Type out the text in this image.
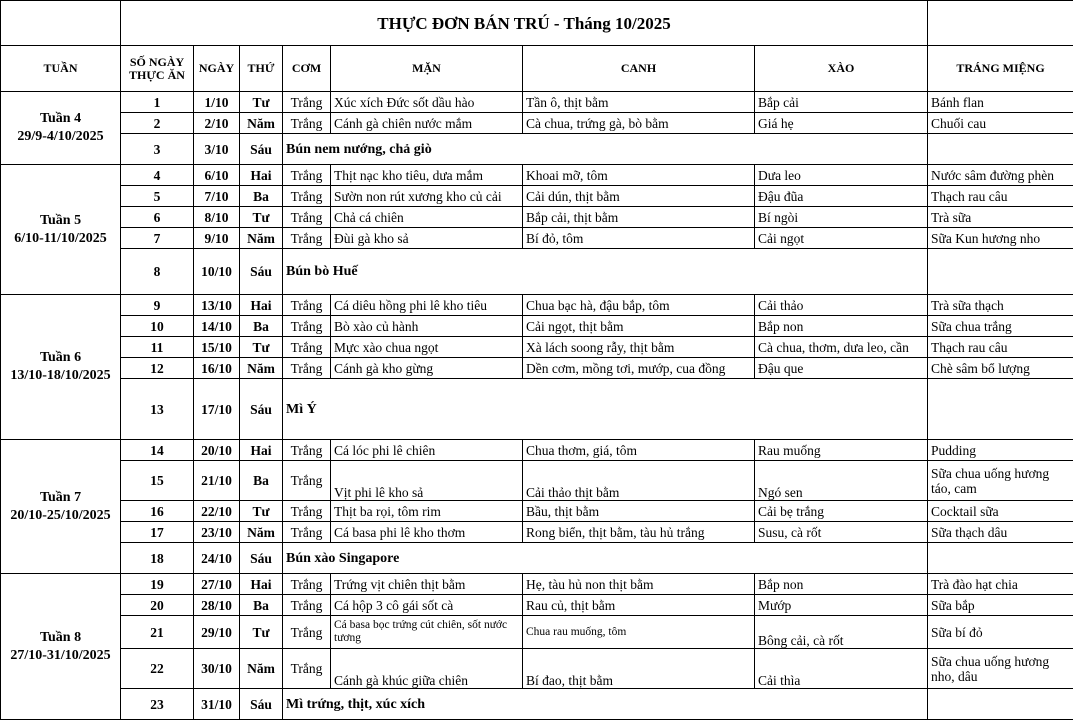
	THỰC ĐƠN BÁN TRÚ - Tháng 10/2025								
TUẦN	SỐ NGÀY THỰC ĂN	NGÀY	THỨ	CƠM	MẶN	CANH	XÀO	TRÁNG MIỆNG	

Tuần 4
29/9-4/10/2025	1	1/10	Tư	Trắng	Xúc xích Đức sốt dầu hào	Tần ô, thịt bằm	Bắp cải	Bánh flan	
	2	2/10	Năm	Trắng	Cánh gà chiên nước mắm	Cà chua, trứng gà, bò bằm	Giá hẹ	Chuối cau	
	3	3/10	Sáu	Bún nem nướng, chả giò		

Tuần 5
6/10-11/10/2025	4	6/10	Hai	Trắng	Thịt nạc kho tiêu, dưa mắm	Khoai mỡ, tôm	Dưa leo	Nước sâm đường phèn	
	5	7/10	Ba	Trắng	Sườn non rút xương kho củ cải	Cải dún, thịt bằm	Đậu đũa	Thạch rau câu	
	6	8/10	Tư	Trắng	Chả cá chiên	Bắp cải, thịt bằm	Bí ngòi	Trà sữa	
	7	9/10	Năm	Trắng	Đùi gà kho sả	Bí đỏ, tôm	Cải ngọt	Sữa Kun hương nho	
	8	10/10	Sáu	Bún bò Huế		

Tuần 6
13/10-18/10/2025	9	13/10	Hai	Trắng	Cá diêu hồng phi lê kho tiêu	Chua bạc hà, đậu bắp, tôm	Cải thảo	Trà sữa thạch	
	10	14/10	Ba	Trắng	Bò xào củ hành	Cải ngọt, thịt bằm	Bắp non	Sữa chua trắng	
	11	15/10	Tư	Trắng	Mực xào chua ngọt	Xà lách soong rẫy, thịt bằm	Cà chua, thơm, dưa leo, cần	Thạch rau câu	
	12	16/10	Năm	Trắng	Cánh gà kho gừng	Dền cơm, mồng tơi, mướp, cua đồng	Đậu que	Chè sâm bổ lượng	
	13	17/10	Sáu	Mì Ý		

Tuần 7
20/10-25/10/2025	14	20/10	Hai	Trắng	Cá lóc phi lê chiên	Chua thơm, giá, tôm	Rau muống	Pudding	
	15	21/10	Ba	Trắng	Vịt phi lê kho sả	Cải thảo thịt bằm	Ngó sen	Sữa chua uống hương táo, cam	
	16	22/10	Tư	Trắng	Thịt ba rọi, tôm rim	Bầu, thịt bằm	Cải bẹ trắng	Cocktail sữa	
	17	23/10	Năm	Trắng	Cá basa phi lê kho thơm	Rong biển, thịt bằm, tàu hủ trắng	Susu, cà rốt	Sữa thạch dâu	
	18	24/10	Sáu	Bún xào Singapore		

Tuần 8
27/10-31/10/2025	19	27/10	Hai	Trắng	Trứng vịt chiên thịt bằm	Hẹ, tàu hủ non thịt bằm	Bắp non	Trà đào hạt chia	
	20	28/10	Ba	Trắng	Cá hộp 3 cô gái sốt cà	Rau củ, thịt bằm	Mướp	Sữa bắp	
	21	29/10	Tư	Trắng	Cá basa bọc trứng cút chiên, sốt nước tương	Chua rau muống, tôm	Bông cải, cà rốt	Sữa bí đỏ	
	22	30/10	Năm	Trắng	Cánh gà khúc giữa chiên	Bí đao, thịt bằm	Cải thìa	Sữa chua uống hương nho, dâu	
	23	31/10	Sáu	Mì trứng, thịt, xúc xích		
